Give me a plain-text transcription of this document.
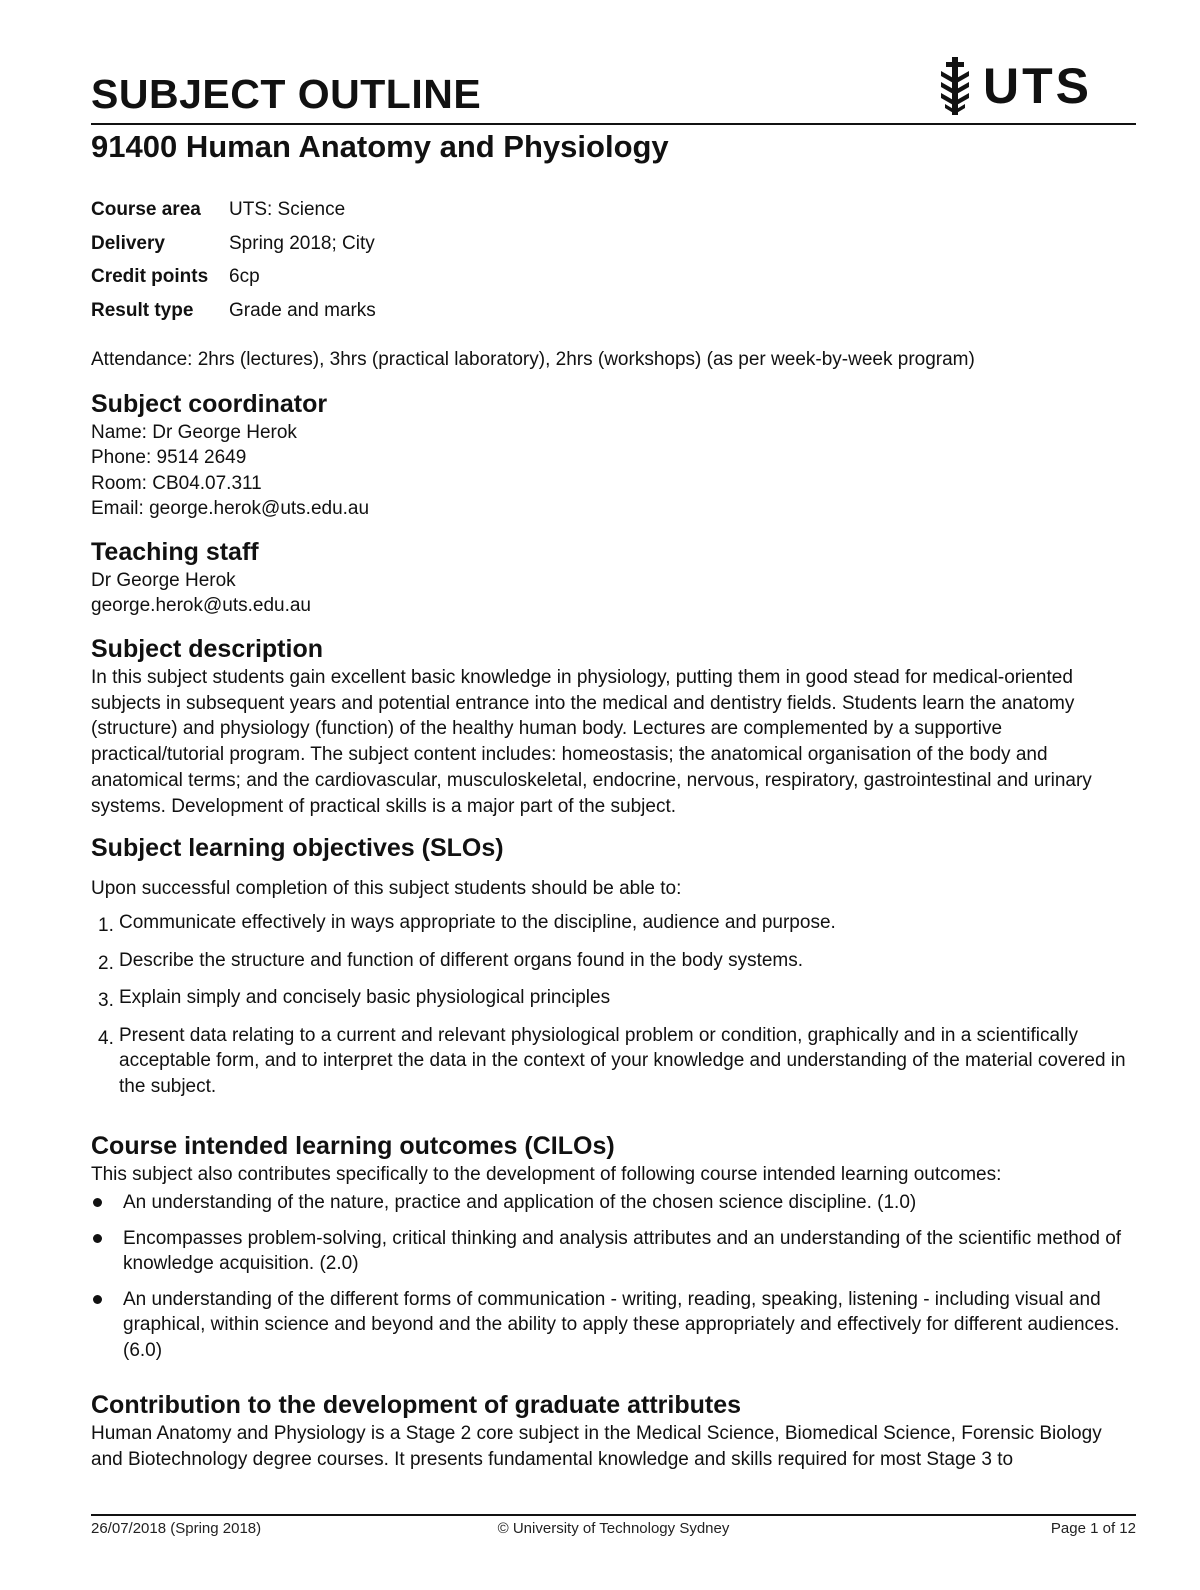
SUBJECT OUTLINE	UTS
91400 Human Anatomy and Physiology
Course area	UTS: Science
Delivery	Spring 2018; City
Credit points	6cp
Result type	Grade and marks

Attendance: 2hrs (lectures), 3hrs (practical laboratory), 2hrs (workshops) (as per week-by-week program)

Subject coordinator
Name: Dr George Herok
Phone: 9514 2649
Room: CB04.07.311
Email: george.herok@uts.edu.au
Teaching staff
Dr George Herok
george.herok@uts.edu.au
Subject description

In this subject students gain excellent basic knowledge in physiology, putting them in good stead for medical-oriented subjects in subsequent years and potential entrance into the medical and dentistry fields. Students learn the anatomy (structure) and physiology (function) of the healthy human body. Lectures are complemented by a supportive practical/tutorial program. The subject content includes: homeostasis; the anatomical organisation of the body and anatomical terms; and the cardiovascular, musculoskeletal, endocrine, nervous, respiratory, gastrointestinal and urinary systems. Development of practical skills is a major part of the subject.

Subject learning objectives (SLOs)

Upon successful completion of this subject students should be able to:

1. Communicate effectively in ways appropriate to the discipline, audience and purpose.
2. Describe the structure and function of different organs found in the body systems.
3. Explain simply and concisely basic physiological principles
4. Present data relating to a current and relevant physiological problem or condition, graphically and in a scientifically acceptable form, and to interpret the data in the context of your knowledge and understanding of the material covered in the subject.
Course intended learning outcomes (CILOs)

This subject also contributes specifically to the development of following course intended learning outcomes:

An understanding of the nature, practice and application of the chosen science discipline. (1.0)
Encompasses problem-solving, critical thinking and analysis attributes and an understanding of the scientific method of knowledge acquisition. (2.0)
An understanding of the different forms of communication - writing, reading, speaking, listening - including visual and graphical, within science and beyond and the ability to apply these appropriately and effectively for different audiences. (6.0)
Contribution to the development of graduate attributes

Human Anatomy and Physiology is a Stage 2 core subject in the Medical Science, Biomedical Science, Forensic Biology and Biotechnology degree courses. It presents fundamental knowledge and skills required for most Stage 3 to

26/07/2018 (Spring 2018)	© University of Technology Sydney	Page 1 of 12
